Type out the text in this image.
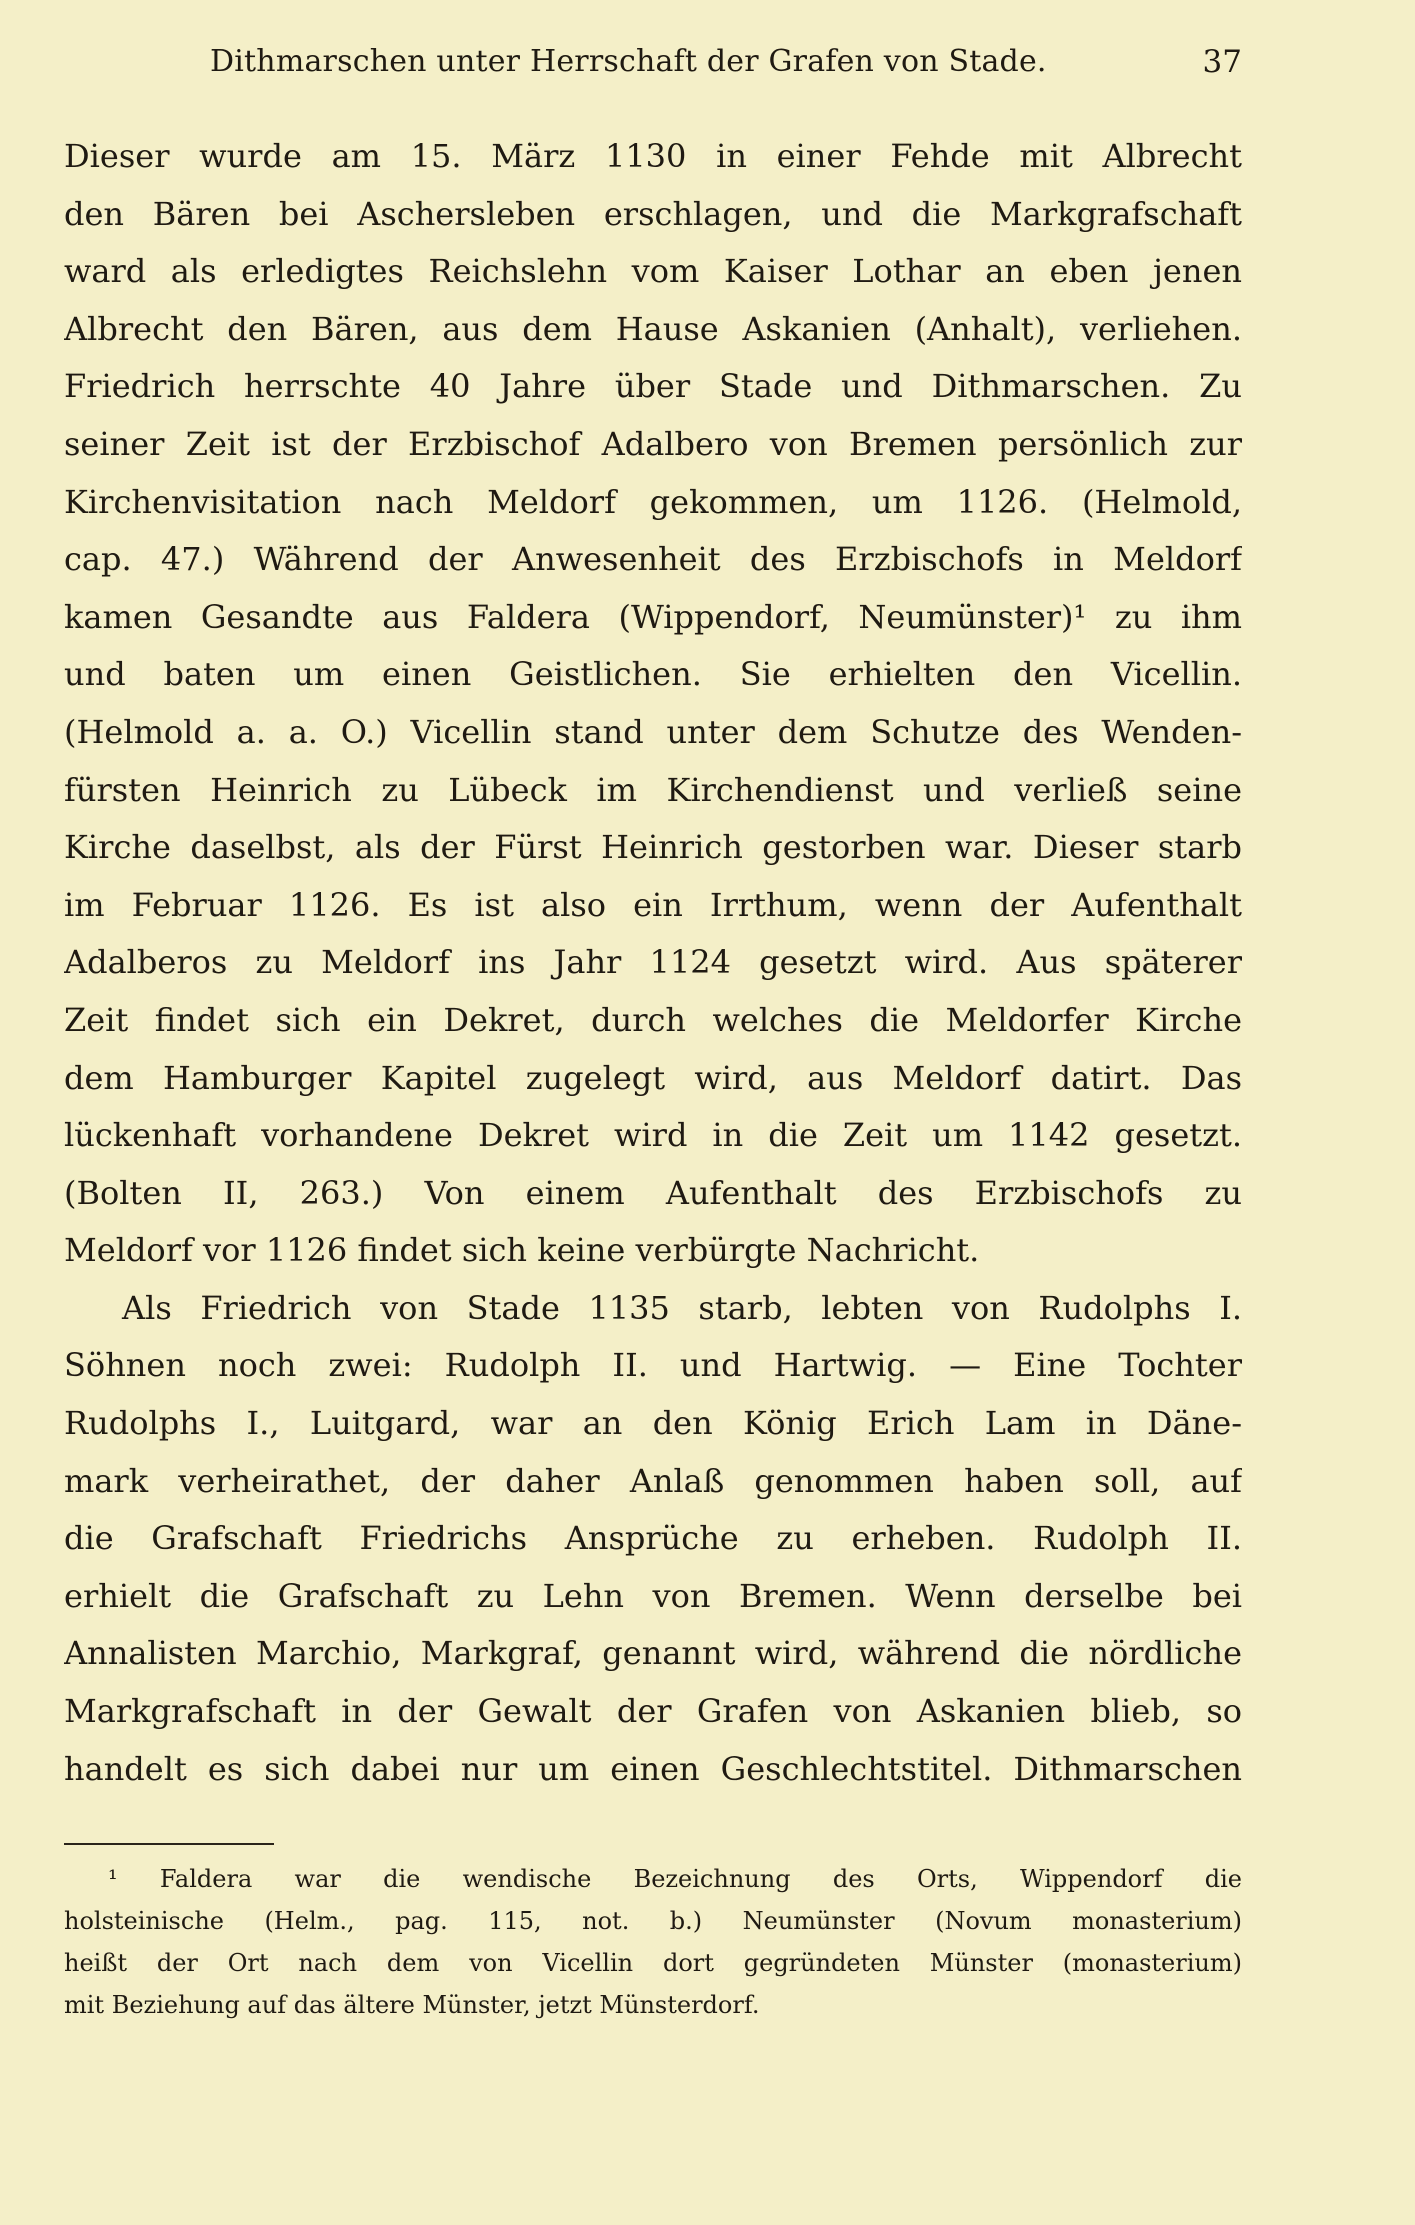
Dithmarschen unter Herrschaft der Grafen von Stade.	37
Dieser wurde am 15. März 1130 in einer Fehde mit Albrecht
den Bären bei Aschersleben erschlagen, und die Markgrafschaft
ward als erledigtes Reichslehn vom Kaiser Lothar an eben jenen
Albrecht den Bären, aus dem Hause Askanien (Anhalt), verliehen.
Friedrich herrschte 40 Jahre über Stade und Dithmarschen. Zu
seiner Zeit ist der Erzbischof Adalbero von Bremen persönlich zur
Kirchenvisitation nach Meldorf gekommen, um 1126. (Helmold,
cap. 47.) Während der Anwesenheit des Erzbischofs in Meldorf
kamen Gesandte aus Faldera (Wippendorf, Neumünster)¹ zu ihm
und baten um einen Geistlichen. Sie erhielten den Vicellin.
(Helmold a. a. O.) Vicellin stand unter dem Schutze des Wenden-
fürsten Heinrich zu Lübeck im Kirchendienst und verließ seine
Kirche daselbst, als der Fürst Heinrich gestorben war. Dieser starb
im Februar 1126. Es ist also ein Irrthum, wenn der Aufenthalt
Adalberos zu Meldorf ins Jahr 1124 gesetzt wird. Aus späterer
Zeit findet sich ein Dekret, durch welches die Meldorfer Kirche
dem Hamburger Kapitel zugelegt wird, aus Meldorf datirt. Das
lückenhaft vorhandene Dekret wird in die Zeit um 1142 gesetzt.
(Bolten II, 263.) Von einem Aufenthalt des Erzbischofs zu
Meldorf vor 1126 findet sich keine verbürgte Nachricht.
Als Friedrich von Stade 1135 starb, lebten von Rudolphs I.
Söhnen noch zwei: Rudolph II. und Hartwig. — Eine Tochter
Rudolphs I., Luitgard, war an den König Erich Lam in Däne-
mark verheirathet, der daher Anlaß genommen haben soll, auf
die Grafschaft Friedrichs Ansprüche zu erheben. Rudolph II.
erhielt die Grafschaft zu Lehn von Bremen. Wenn derselbe bei
Annalisten Marchio, Markgraf, genannt wird, während die nördliche
Markgrafschaft in der Gewalt der Grafen von Askanien blieb, so
handelt es sich dabei nur um einen Geschlechtstitel. Dithmarschen
¹ Faldera war die wendische Bezeichnung des Orts, Wippendorf die
holsteinische (Helm., pag. 115, not. b.) Neumünster (Novum monasterium)
heißt der Ort nach dem von Vicellin dort gegründeten Münster (monasterium)
mit Beziehung auf das ältere Münster, jetzt Münsterdorf.
